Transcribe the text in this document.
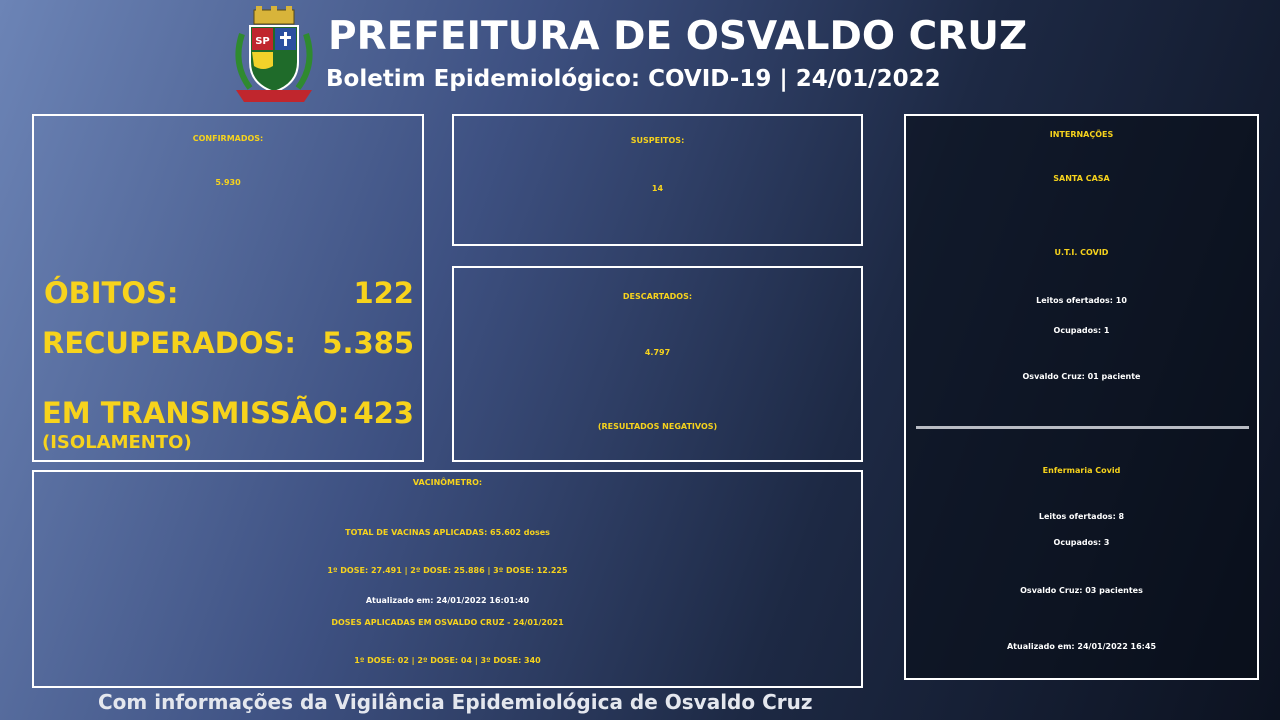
SP PREFEITURA DE OSVALDO CRUZ
Boletim Epidemiológico: COVID-19 | 24/01/2022
CONFIRMADOS:
5.930
ÓBITOS:	122
RECUPERADOS: 5.385
EM TRANSMISSÃO: 423
(ISOLAMENTO)
SUSPEITOS:
14
DESCARTADOS:
4.797
(RESULTADOS NEGATIVOS)
VACINÔMETRO:
TOTAL DE VACINAS APLICADAS: 65.602 doses
1º DOSE: 27.491 | 2º DOSE: 25.886 | 3º DOSE: 12.225
Atualizado em: 24/01/2022 16:01:40
DOSES APLICADAS EM OSVALDO CRUZ - 24/01/2021
1º DOSE: 02 | 2º DOSE: 04 | 3º DOSE: 340
INTERNAÇÕES
SANTA CASA
U.T.I. COVID
Leitos ofertados: 10
Ocupados: 1
Osvaldo Cruz: 01 paciente
Enfermaria Covid
Leitos ofertados: 8
Ocupados: 3
Osvaldo Cruz: 03 pacientes
Atualizado em: 24/01/2022 16:45
Com informações da Vigilância Epidemiológica de Osvaldo Cruz
